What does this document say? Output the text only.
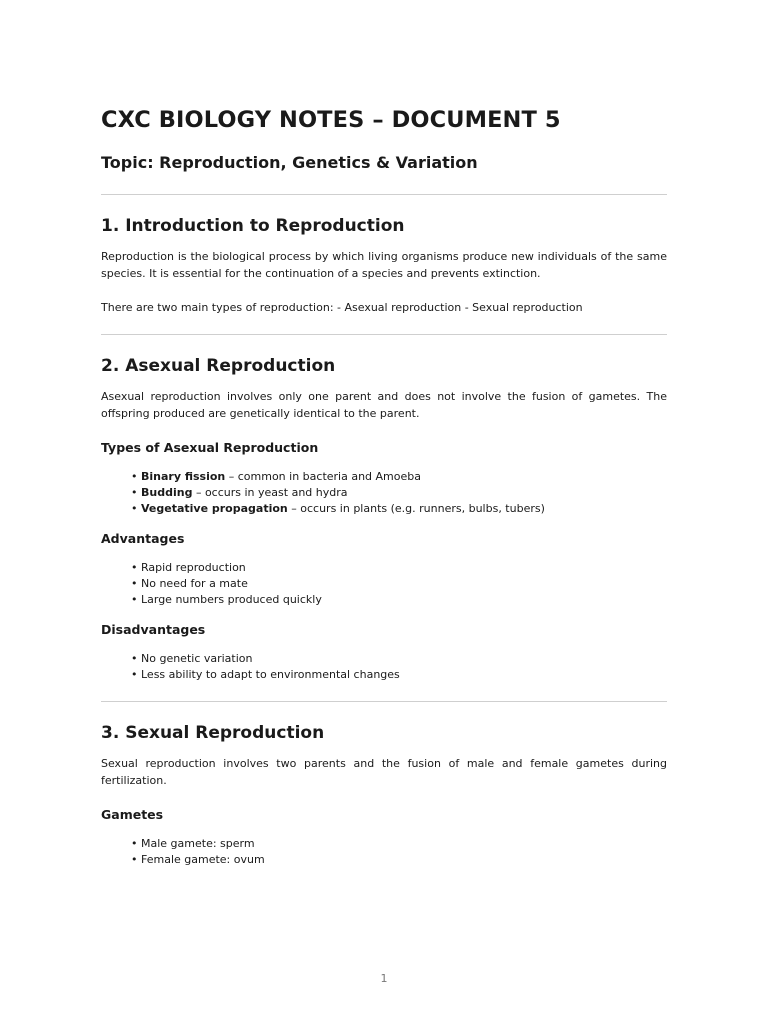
CXC BIOLOGY NOTES – DOCUMENT 5
Topic: Reproduction, Genetics & Variation
1. Introduction to Reproduction

Reproduction is the biological process by which living organisms produce new individuals of the same species. It is essential for the continuation of a species and prevents extinction.

There are two main types of reproduction: - Asexual reproduction - Sexual reproduction

2. Asexual Reproduction

Asexual reproduction involves only one parent and does not involve the fusion of gametes. The offspring produced are genetically identical to the parent.

Types of Asexual Reproduction
• Binary fission – common in bacteria and Amoeba
• Budding – occurs in yeast and hydra
• Vegetative propagation – occurs in plants (e.g. runners, bulbs, tubers)
Advantages
• Rapid reproduction
• No need for a mate
• Large numbers produced quickly
Disadvantages
• No genetic variation
• Less ability to adapt to environmental changes
3. Sexual Reproduction

Sexual reproduction involves two parents and the fusion of male and female gametes during fertilization.

Gametes
• Male gamete: sperm
• Female gamete: ovum
1
